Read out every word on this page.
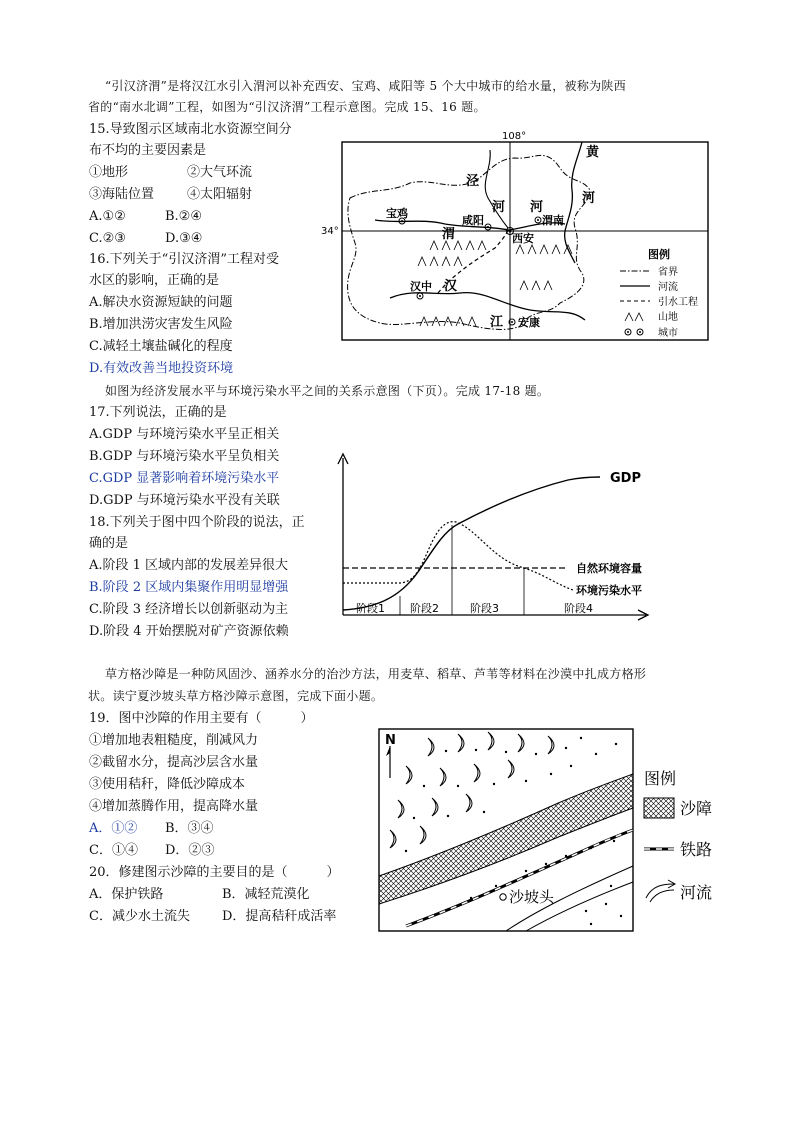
“引汉济渭”是将汉江水引入渭河以补充西安、宝鸡、咸阳等 5 个大中城市的给水量，被称为陕西
省的“南水北调”工程，如图为“引汉济渭”工程示意图。完成 15、16 题。
15.导致图示区域南北水资源空间分
布不均的主要因素是
①地形	②大气环流
③海陆位置	④太阳辐射
A.①②	B.②④
C.②③	D.③④
16.下列关于“引汉济渭”工程对受
水区的影响，正确的是
A.解决水资源短缺的问题
B.增加洪涝灾害发生风险
C.减轻土壤盐碱化的程度
D.有效改善当地投资环境
108°
34°
宝鸡
咸阳	渭南
西安
汉中
安康
泾
河
黄
河
渭
河
汉
江
图例
省界
河流
引水工程
山地
城市
如图为经济发展水平与环境污染水平之间的关系示意图（下页）。完成 17-18 题。
17.下列说法，正确的是
A.GDP 与环境污染水平呈正相关
B.GDP 与环境污染水平呈负相关
C.GDP 显著影响着环境污染水平
D.GDP 与环境污染水平没有关联
18.下列关于图中四个阶段的说法，正
确的是
A.阶段 1 区域内部的发展差异很大
B.阶段 2 区域内集聚作用明显增强
C.阶段 3 经济增长以创新驱动为主
D.阶段 4 开始摆脱对矿产资源依赖
GDP
自然环境容量
环境污染水平
阶段1 阶段2	阶段3	阶段4
草方格沙障是一种防风固沙、涵养水分的治沙方法，用麦草、稻草、芦苇等材料在沙漠中扎成方格形
状。读宁夏沙坡头草方格沙障示意图，完成下面小题。
19．图中沙障的作用主要有（　　　）
①增加地表粗糙度，削减风力
②截留水分，提高沙层含水量
③使用秸秆，降低沙障成本
④增加蒸腾作用，提高降水量
A．①② B．③④
C．①④ D．②③
20．修建图示沙障的主要目的是（　　　）
A．保护铁路	B．减轻荒漠化
C．减少水土流失 D．提高秸秆成活率
N
沙坡头
图例
沙障
铁路
河流
